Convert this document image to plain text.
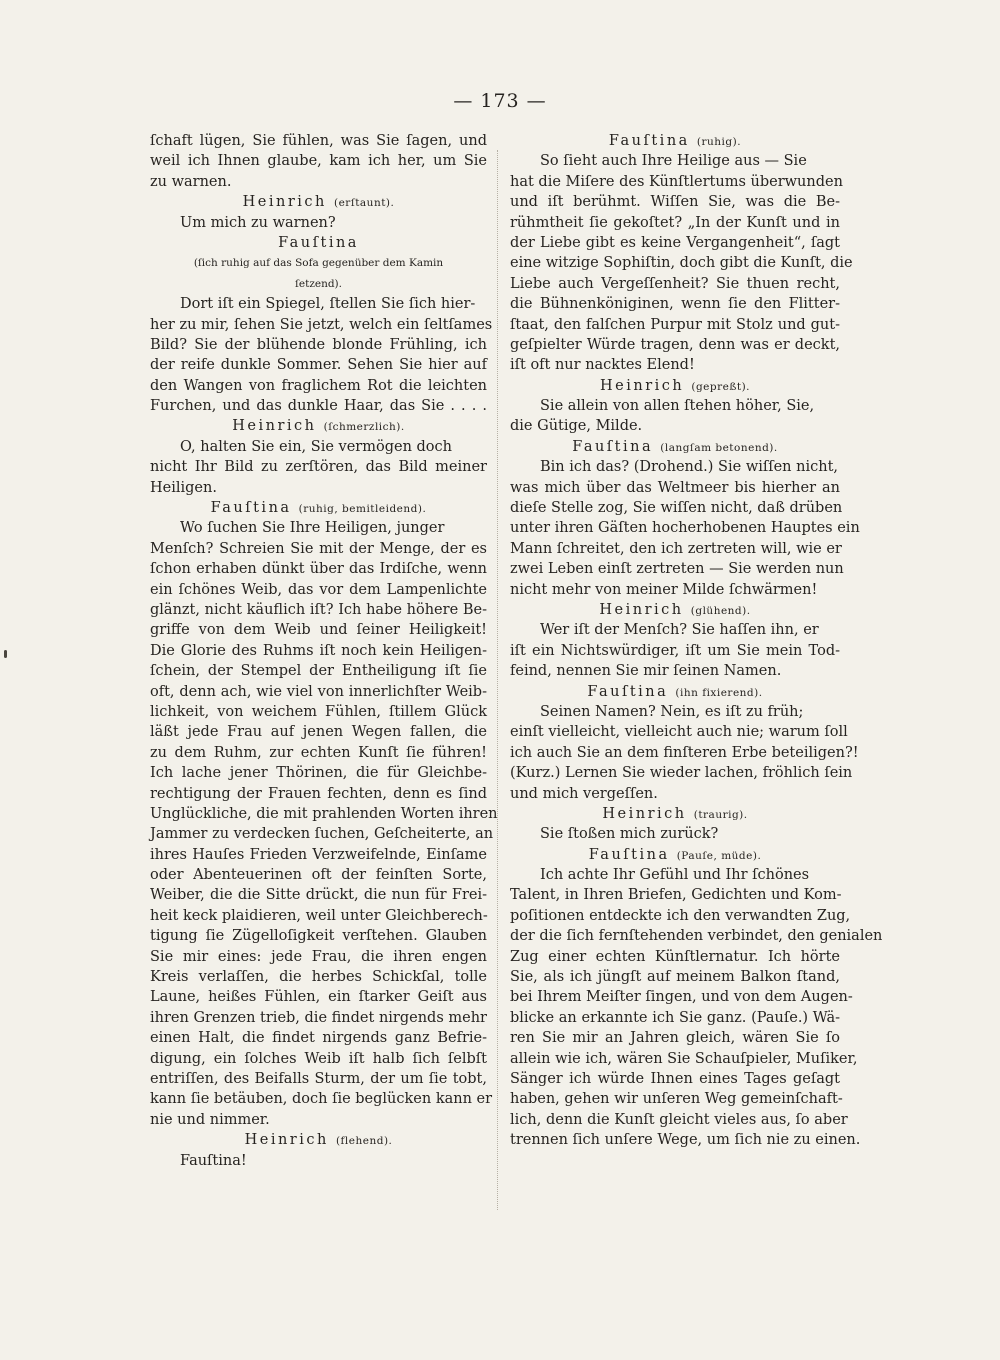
— 173 —
ſchaft lügen, Sie fühlen, was Sie ſagen, und
weil ich Ihnen glaube, kam ich her, um Sie
zu warnen.
Heinrich (erſtaunt).
Um mich zu warnen?
Fauſtina
(ſich ruhig auf das Sofa gegenüber dem Kamin
ſetzend).
Dort iſt ein Spiegel, ſtellen Sie ſich hier-
her zu mir, ſehen Sie jetzt, welch ein ſeltſames
Bild? Sie der blühende blonde Frühling, ich
der reife dunkle Sommer. Sehen Sie hier auf
den Wangen von fraglichem Rot die leichten
Furchen, und das dunkle Haar, das Sie . . . .
Heinrich (ſchmerzlich).
O, halten Sie ein, Sie vermögen doch
nicht Ihr Bild zu zerſtören, das Bild meiner
Heiligen.
Fauſtina (ruhig, bemitleidend).
Wo ſuchen Sie Ihre Heiligen, junger
Menſch? Schreien Sie mit der Menge, der es
ſchon erhaben dünkt über das Irdiſche, wenn
ein ſchönes Weib, das vor dem Lampenlichte
glänzt, nicht käuflich iſt? Ich habe höhere Be-
griffe von dem Weib und ſeiner Heiligkeit!
Die Glorie des Ruhms iſt noch kein Heiligen-
ſchein, der Stempel der Entheiligung iſt ſie
oft, denn ach, wie viel von innerlichſter Weib-
lichkeit, von weichem Fühlen, ſtillem Glück
läßt jede Frau auf jenen Wegen fallen, die
zu dem Ruhm, zur echten Kunſt ſie führen!
Ich lache jener Thörinen, die für Gleichbe-
rechtigung der Frauen fechten, denn es ſind
Unglückliche, die mit prahlenden Worten ihren
Jammer zu verdecken ſuchen, Geſcheiterte, an
ihres Hauſes Frieden Verzweifelnde, Einſame
oder Abenteuerinen oft der feinſten Sorte,
Weiber, die die Sitte drückt, die nun für Frei-
heit keck plaidieren, weil unter Gleichberech-
tigung ſie Zügelloſigkeit verſtehen. Glauben
Sie mir eines: jede Frau, die ihren engen
Kreis verlaſſen, die herbes Schickſal, tolle
Laune, heißes Fühlen, ein ſtarker Geiſt aus
ihren Grenzen trieb, die findet nirgends mehr
einen Halt, die findet nirgends ganz Befrie-
digung, ein ſolches Weib iſt halb ſich ſelbſt
entriſſen, des Beifalls Sturm, der um ſie tobt,
kann ſie betäuben, doch ſie beglücken kann er
nie und nimmer.
Heinrich (flehend).
Fauſtina!
Fauſtina (ruhig).
So ſieht auch Ihre Heilige aus — Sie
hat die Miſere des Künſtlertums überwunden
und iſt berühmt. Wiſſen Sie, was die Be-
rühmtheit ſie gekoſtet? „In der Kunſt und in
der Liebe gibt es keine Vergangenheit“, ſagt
eine witzige Sophiſtin, doch gibt die Kunſt, die
Liebe auch Vergeſſenheit? Sie thuen recht,
die Bühnenköniginen, wenn ſie den Flitter-
ſtaat, den falſchen Purpur mit Stolz und gut-
geſpielter Würde tragen, denn was er deckt,
iſt oft nur nacktes Elend!
Heinrich (gepreßt).
Sie allein von allen ſtehen höher, Sie,
die Gütige, Milde.
Fauſtina (langſam betonend).
Bin ich das? (Drohend.) Sie wiſſen nicht,
was mich über das Weltmeer bis hierher an
dieſe Stelle zog, Sie wiſſen nicht, daß drüben
unter ihren Gäſten hocherhobenen Hauptes ein
Mann ſchreitet, den ich zertreten will, wie er
zwei Leben einſt zertreten — Sie werden nun
nicht mehr von meiner Milde ſchwärmen!
Heinrich (glühend).
Wer iſt der Menſch? Sie haſſen ihn, er
iſt ein Nichtswürdiger, iſt um Sie mein Tod-
feind, nennen Sie mir ſeinen Namen.
Fauſtina (ihn fixierend).
Seinen Namen? Nein, es iſt zu früh;
einſt vielleicht, vielleicht auch nie; warum ſoll
ich auch Sie an dem finſteren Erbe beteiligen?!
(Kurz.) Lernen Sie wieder lachen, fröhlich ſein
und mich vergeſſen.
Heinrich (traurig).
Sie ſtoßen mich zurück?
Fauſtina (Pauſe, müde).
Ich achte Ihr Gefühl und Ihr ſchönes
Talent, in Ihren Briefen, Gedichten und Kom-
poſitionen entdeckte ich den verwandten Zug,
der die ſich fernſtehenden verbindet, den genialen
Zug einer echten Künſtlernatur. Ich hörte
Sie, als ich jüngſt auf meinem Balkon ſtand,
bei Ihrem Meiſter ſingen, und von dem Augen-
blicke an erkannte ich Sie ganz. (Pauſe.) Wä-
ren Sie mir an Jahren gleich, wären Sie ſo
allein wie ich, wären Sie Schauſpieler, Muſiker,
Sänger ich würde Ihnen eines Tages geſagt
haben, gehen wir unſeren Weg gemeinſchaft-
lich, denn die Kunſt gleicht vieles aus, ſo aber
trennen ſich unſere Wege, um ſich nie zu einen.
